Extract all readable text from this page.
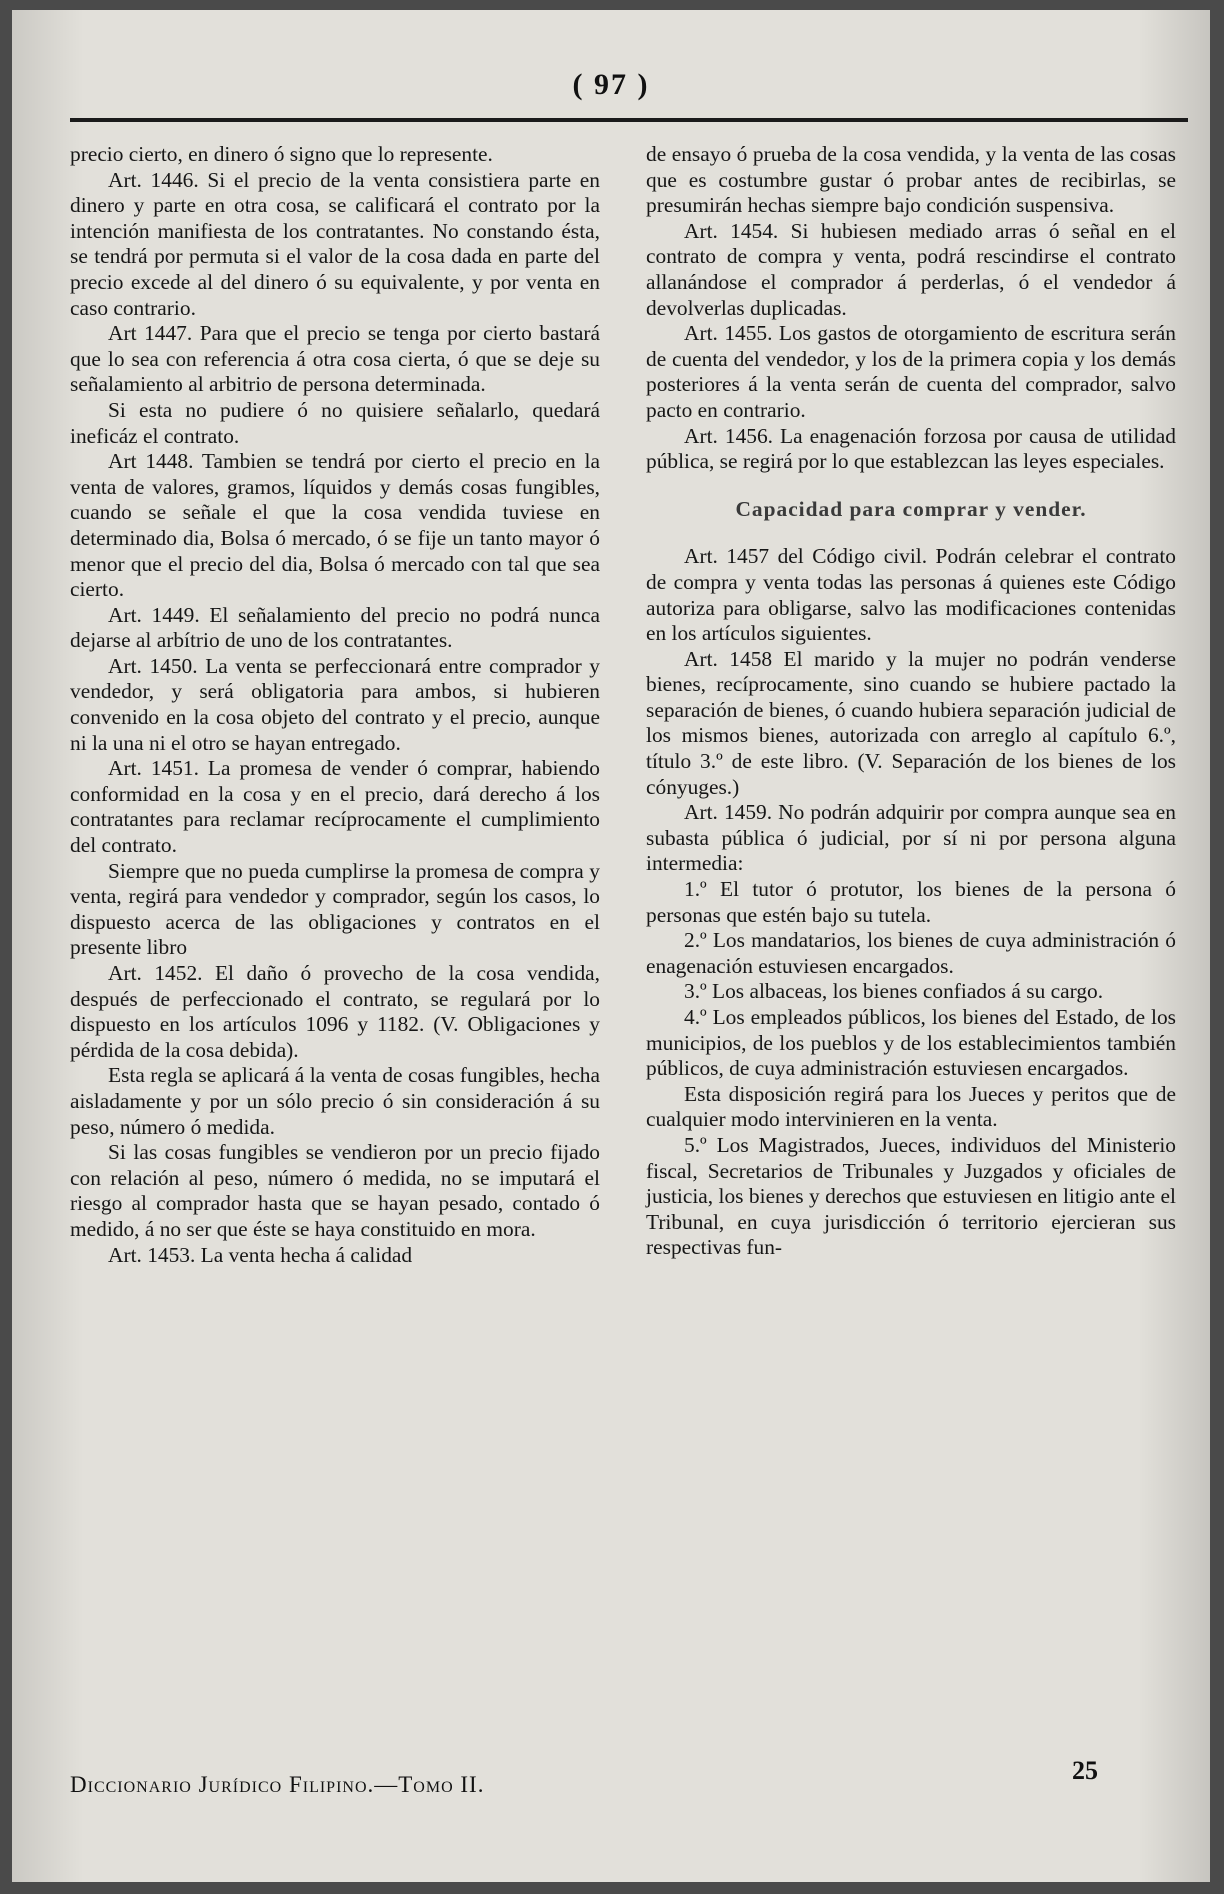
( 97 )

precio cierto, en dinero ó signo que lo represente.

Art. 1446. Si el precio de la venta consistiera parte en dinero y parte en otra cosa, se calificará el contrato por la intención manifiesta de los contratantes. No constando ésta, se tendrá por permuta si el valor de la cosa dada en parte del precio excede al del dinero ó su equivalente, y por venta en caso contrario.

Art 1447. Para que el precio se tenga por cierto bastará que lo sea con referencia á otra cosa cierta, ó que se deje su señalamiento al arbitrio de persona determinada.

Si esta no pudiere ó no quisiere señalarlo, quedará ineficáz el contrato.

Art 1448. Tambien se tendrá por cierto el precio en la venta de valores, gramos, líquidos y demás cosas fungibles, cuando se señale el que la cosa vendida tuviese en determinado dia, Bolsa ó mercado, ó se fije un tanto mayor ó menor que el precio del dia, Bolsa ó mercado con tal que sea cierto.

Art. 1449. El señalamiento del precio no podrá nunca dejarse al arbítrio de uno de los contratantes.

Art. 1450. La venta se perfeccionará entre comprador y vendedor, y será obligatoria para ambos, si hubieren convenido en la cosa objeto del contrato y el precio, aunque ni la una ni el otro se hayan entregado.

Art. 1451. La promesa de vender ó comprar, habiendo conformidad en la cosa y en el precio, dará derecho á los contratantes para reclamar recíprocamente el cumplimiento del contrato.

Siempre que no pueda cumplirse la promesa de compra y venta, regirá para vendedor y comprador, según los casos, lo dispuesto acerca de las obligaciones y contratos en el presente libro

Art. 1452. El daño ó provecho de la cosa vendida, después de perfeccionado el contrato, se regulará por lo dispuesto en los artículos 1096 y 1182. (V. Obligaciones y pérdida de la cosa debida).

Esta regla se aplicará á la venta de cosas fungibles, hecha aisladamente y por un sólo precio ó sin consideración á su peso, número ó medida.

Si las cosas fungibles se vendieron por un precio fijado con relación al peso, número ó medida, no se imputará el riesgo al comprador hasta que se hayan pesado, contado ó medido, á no ser que éste se haya constituido en mora.

Art. 1453. La venta hecha á calidad

de ensayo ó prueba de la cosa vendida, y la venta de las cosas que es costumbre gustar ó probar antes de recibirlas, se presumirán hechas siempre bajo condición suspensiva.

Art. 1454. Si hubiesen mediado arras ó señal en el contrato de compra y venta, podrá rescindirse el contrato allanándose el comprador á perderlas, ó el vendedor á devolverlas duplicadas.

Art. 1455. Los gastos de otorgamiento de escritura serán de cuenta del vendedor, y los de la primera copia y los demás posteriores á la venta serán de cuenta del comprador, salvo pacto en contrario.

Art. 1456. La enagenación forzosa por causa de utilidad pública, se regirá por lo que establezcan las leyes especiales.

Capacidad para comprar y vender.

Art. 1457 del Código civil. Podrán celebrar el contrato de compra y venta todas las personas á quienes este Código autoriza para obligarse, salvo las modificaciones contenidas en los artículos siguientes.

Art. 1458 El marido y la mujer no podrán venderse bienes, recíprocamente, sino cuando se hubiere pactado la separación de bienes, ó cuando hubiera separación judicial de los mismos bienes, autorizada con arreglo al capítulo 6.º, título 3.º de este libro. (V. Separación de los bienes de los cónyuges.)

Art. 1459. No podrán adquirir por compra aunque sea en subasta pública ó judicial, por sí ni por persona alguna intermedia:

1.º El tutor ó protutor, los bienes de la persona ó personas que estén bajo su tutela.

2.º Los mandatarios, los bienes de cuya administración ó enagenación estuviesen encargados.

3.º Los albaceas, los bienes confiados á su cargo.

4.º Los empleados públicos, los bienes del Estado, de los municipios, de los pueblos y de los establecimientos también públicos, de cuya administración estuviesen encargados.

Esta disposición regirá para los Jueces y peritos que de cualquier modo intervinieren en la venta.

5.º Los Magistrados, Jueces, individuos del Ministerio fiscal, Secretarios de Tribunales y Juzgados y oficiales de justicia, los bienes y derechos que estuviesen en litigio ante el Tribunal, en cuya jurisdicción ó territorio ejercieran sus respectivas fun-

Diccionario Jurídico Filipino.—Tomo II.	25
